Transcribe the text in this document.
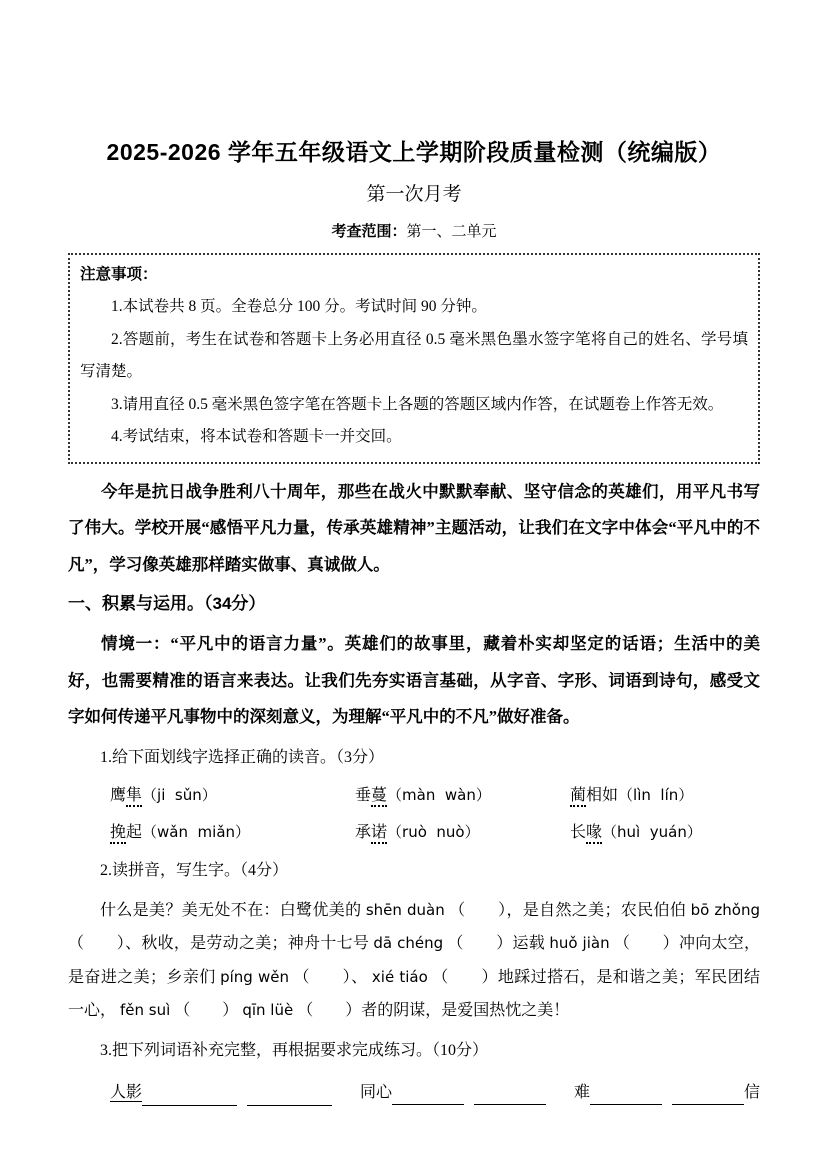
2025-2026 学年五年级语文上学期阶段质量检测（统编版）
第一次月考
考查范围：第一、二单元
注意事项：
1.本试卷共 8 页。全卷总分 100 分。考试时间 90 分钟。
2.答题前，考生在试卷和答题卡上务必用直径 0.5 毫米黑色墨水签字笔将自己的姓名、学号填写清楚。
3.请用直径 0.5 毫米黑色签字笔在答题卡上各题的答题区域内作答，在试题卷上作答无效。
4.考试结束，将本试卷和答题卡一并交回。

今年是抗日战争胜利八十周年，那些在战火中默默奉献、坚守信念的英雄们，用平凡书写了伟大。学校开展“感悟平凡力量，传承英雄精神”主题活动，让我们在文字中体会“平凡中的不凡”，学习像英雄那样踏实做事、真诚做人。

一、积累与运用。（34分）

情境一：“平凡中的语言力量”。英雄们的故事里，藏着朴实却坚定的话语；生活中的美好，也需要精准的语言来表达。让我们先夯实语言基础，从字音、字形、词语到诗句，感受文字如何传递平凡事物中的深刻意义，为理解“平凡中的不凡”做好准备。

1.给下面划线字选择正确的读音。（3分）
鹰隼（ji  sǔn）	垂蔓（màn  wàn）	蔺相如（lìn  lín）
挽起（wǎn  miǎn）	承诺（ruò  nuò）	长喙（huì  yuán）
2.读拼音，写生字。（4分）

什么是美？美无处不在：白鹭优美的 shēn duàn （　　），是自然之美；农民伯伯 bō zhǒng （　　）、秋收，是劳动之美；神舟十七号 dā chéng （　　）运载 huǒ jiàn （　　）冲向太空，是奋进之美；乡亲们 píng wěn （　　）、 xié tiáo （　　）地踩过搭石，是和谐之美；军民团结一心， fěn suì （　　） qīn lüè （　　）者的阴谋，是爱国热忱之美！

3.把下列词语补充完整，再根据要求完成练习。（10分）
人影	同心	难	信
